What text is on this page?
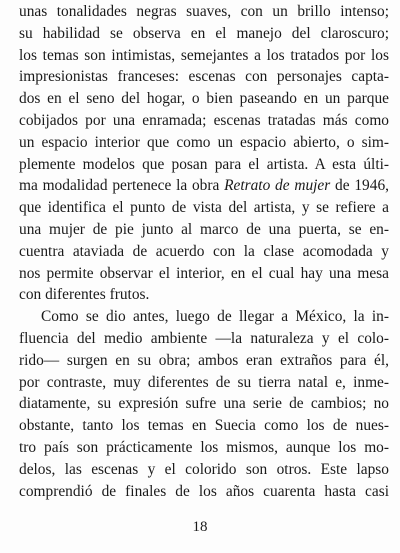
unas tonalidades negras suaves, con un brillo intenso;
su habilidad se observa en el manejo del claroscuro;
los temas son intimistas, semejantes a los tratados por los
impresionistas franceses: escenas con personajes capta-
dos en el seno del hogar, o bien paseando en un parque
cobijados por una enramada; escenas tratadas más como
un espacio interior que como un espacio abierto, o sim-
plemente modelos que posan para el artista. A esta últi-
ma modalidad pertenece la obra Retrato de mujer de 1946,
que identifica el punto de vista del artista, y se refiere a
una mujer de pie junto al marco de una puerta, se en-
cuentra ataviada de acuerdo con la clase acomodada y
nos permite observar el interior, en el cual hay una mesa
con diferentes frutos.
Como se dio antes, luego de llegar a México, la in-
fluencia del medio ambiente —la naturaleza y el colo-
rido— surgen en su obra; ambos eran extraños para él,
por contraste, muy diferentes de su tierra natal e, inme-
diatamente, su expresión sufre una serie de cambios; no
obstante, tanto los temas en Suecia como los de nues-
tro país son prácticamente los mismos, aunque los mo-
delos, las escenas y el colorido son otros. Este lapso
comprendió de finales de los años cuarenta hasta casi
18
